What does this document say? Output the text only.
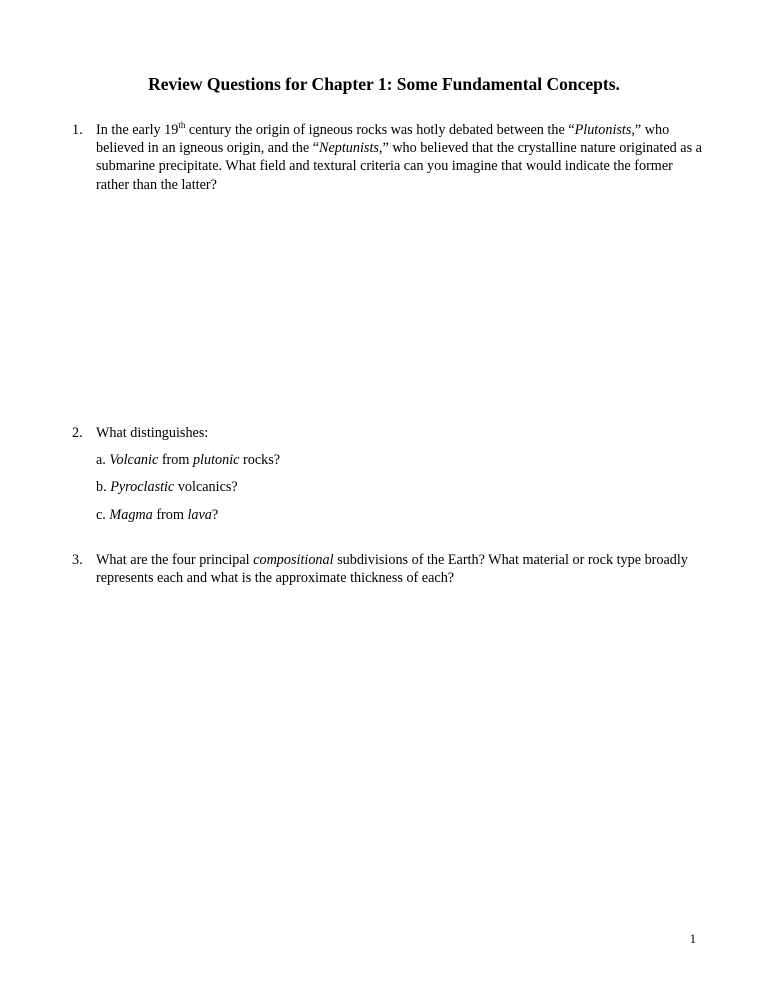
Review Questions for Chapter 1: Some Fundamental Concepts.
1. In the early 19th century the origin of igneous rocks was hotly debated between the “Plutonists,” who believed in an igneous origin, and the “Neptunists,” who believed that the crystalline nature originated as a submarine precipitate. What field and textural criteria can you imagine that would indicate the former rather than the latter?
2. What distinguishes:
a. Volcanic from plutonic rocks?
b. Pyroclastic volcanics?
c. Magma from lava?
3. What are the four principal compositional subdivisions of the Earth? What material or rock type broadly represents each and what is the approximate thickness of each?
1
